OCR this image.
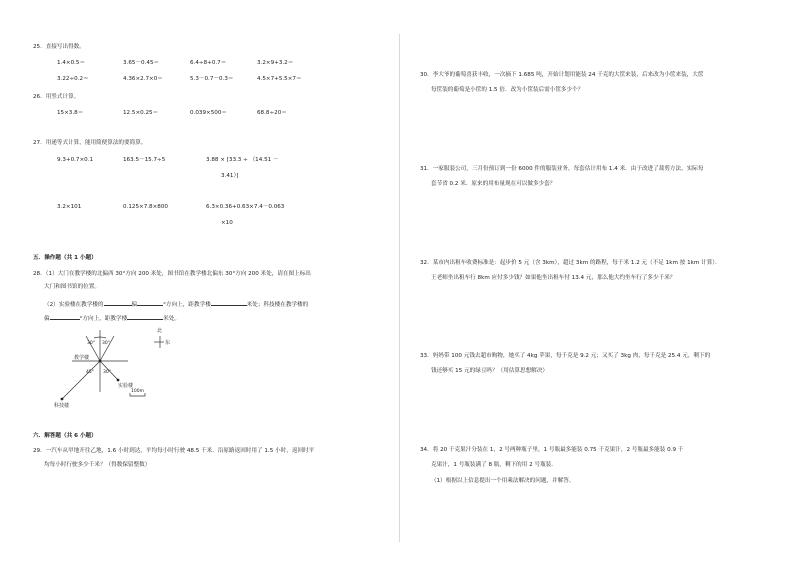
25．直接写出得数。
1.4×0.5＝	3.65－0.45＝	6.4÷8+0.7＝	3.2×9+3.2＝
3.22÷0.2＝	4.36×2.7×0＝	5.3－0.7－0.3＝	4.5×7+5.5×7＝
26．用竖式计算。
15×3.8＝	12.5×0.25＝	0.039×500＝	68.8÷20＝
27．用递等式计算，能用简便算法的要简算。
9.3+0.7×0.1	163.5－15.7÷5	3.88 × [33.3 ÷ （14.51 －
3.41）]
3.2×101	0.125×7.8×800	6.3×0.36+0.63×7.4－0.063
×10
五．操作题（共 1 小题）
28．（1）大门在教学楼的北偏西 30°方向 200 米处，图书馆在教学楼北偏东 30°方向 200 米处，请在图上标出
大门和图书馆的位置。
（2）实验楼在教学楼的	偏	°方向上，距教学楼	米处；科技楼在教学楼的
偏	°方向上，距教学楼	米处。
北
东
教学楼
实验楼
科技楼
30° 30°
45° 30°
100m
六．解答题（共 6 小题）
29．一汽车从甲地开往乙地，1.6 小时到达，平均每小时行驶 48.5 千米．沿原路返回时用了 1.5 小时，返回时平
均每小时行驶多少千米？（得数保留整数）
30．李大爷的葡萄喜获丰收，一次摘下 1.685 吨，开始计划用能装 24 千克的大筐来装，后来改为小筐来装，大筐
每筐装的葡萄是小筐的 1.5 倍．改为小筐装后需小筐多少个？
31．一家服装公司，三月份预订到一份 6000 件的服装业务，每套估计用布 1.4 米．由于改进了裁剪方法，实际每
套节省 0.2 米．原来的用布量现在可以做多少套？
32．某市内出租车收费标准是：起步价 5 元（含 3km），超过 3km 的路程，每千米 1.2 元（不足 1km 按 1km 计算）．
王老师坐出租车行 8km 应付多少钱？如果他坐出租车付 13.4 元，那么他大约坐车行了多少千米？
33．妈妈带 100 元钱去超市购物，她买了 4kg 苹果，每千克是 9.2 元；又买了 3kg 肉，每千克是 25.4 元，剩下的
钱还够买 15 元的绿豆吗？（用估算思想解决）
34．将 20 千克果汁分装在 1，2 号两种瓶子里，1 号瓶最多能装 0.75 千克果汁，2 号瓶最多能装 0.9 千
克果汁，1 号瓶装满了 8 瓶，剩下的用 2 号瓶装．
（1）根据以上信息提出一个用乘法解决的问题，并解答。
